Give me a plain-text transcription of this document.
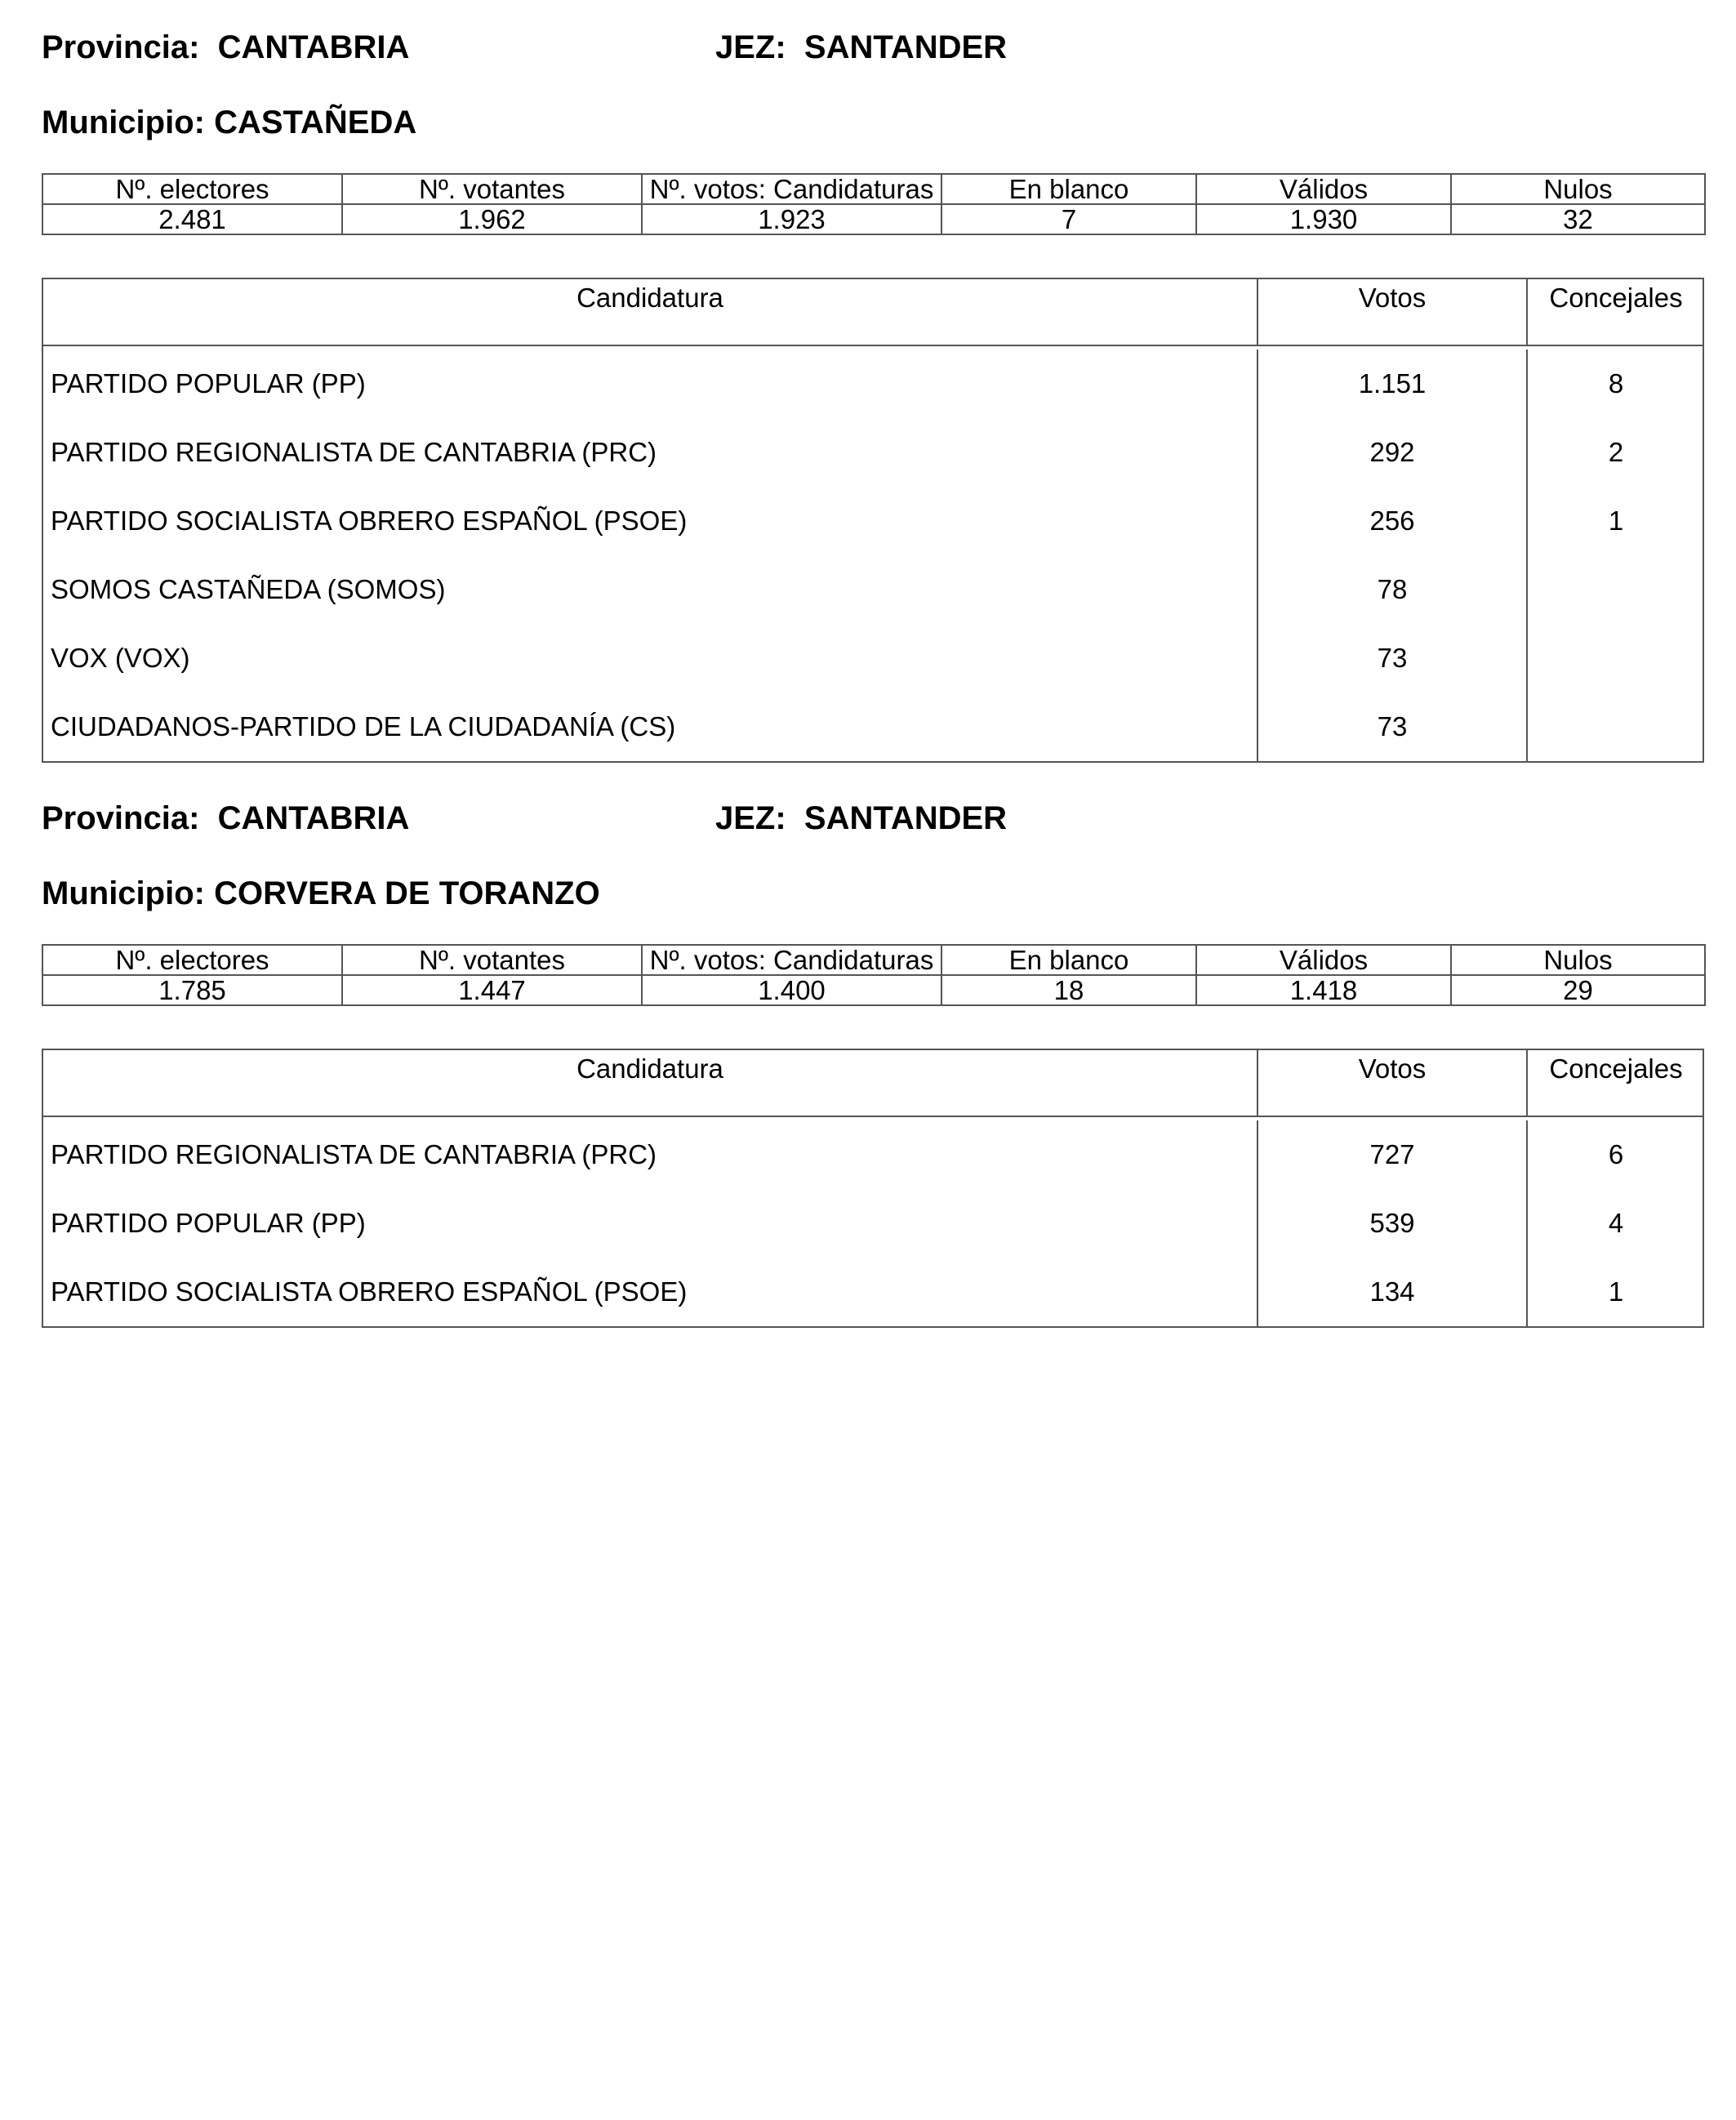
Provincia: CANTABRIA	JEZ: SANTANDER
Municipio: CASTAÑEDA
Nº. electores	Nº. votantes	Nº. votos: Candidaturas	En blanco	Válidos	Nulos
2.481	1.962	1.923	7	1.930	32
Candidatura	Votos	Concejales
PARTIDO POPULAR (PP)	1.151	8
PARTIDO REGIONALISTA DE CANTABRIA (PRC)	292	2
PARTIDO SOCIALISTA OBRERO ESPAÑOL (PSOE)	256	1
SOMOS CASTAÑEDA (SOMOS)	78
VOX (VOX)	73
CIUDADANOS-PARTIDO DE LA CIUDADANÍA (CS)	73
Provincia: CANTABRIA	JEZ: SANTANDER
Municipio: CORVERA DE TORANZO
Nº. electores	Nº. votantes	Nº. votos: Candidaturas	En blanco	Válidos	Nulos
1.785	1.447	1.400	18	1.418	29
Candidatura	Votos	Concejales
PARTIDO REGIONALISTA DE CANTABRIA (PRC)	727	6
PARTIDO POPULAR (PP)	539	4
PARTIDO SOCIALISTA OBRERO ESPAÑOL (PSOE)	134	1
